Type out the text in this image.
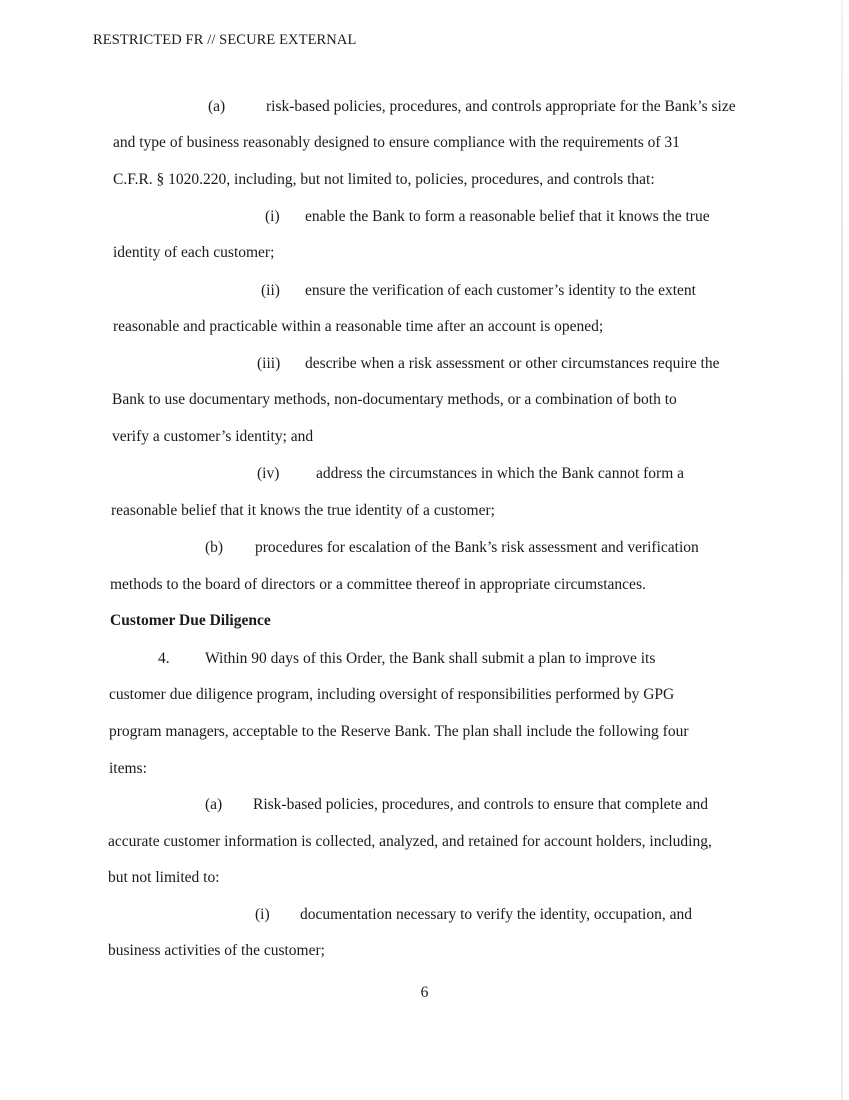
RESTRICTED FR // SECURE EXTERNAL
(a)	risk-based policies, procedures, and controls appropriate for the Bank’s size
and type of business reasonably designed to ensure compliance with the requirements of 31
C.F.R. § 1020.220, including, but not limited to, policies, procedures, and controls that:
(i) enable the Bank to form a reasonable belief that it knows the true
identity of each customer;
(ii) ensure the verification of each customer’s identity to the extent
reasonable and practicable within a reasonable time after an account is opened;
(iii) describe when a risk assessment or other circumstances require the
Bank to use documentary methods, non-documentary methods, or a combination of both to
verify a customer’s identity; and
(iv) address the circumstances in which the Bank cannot form a
reasonable belief that it knows the true identity of a customer;
(b) procedures for escalation of the Bank’s risk assessment and verification
methods to the board of directors or a committee thereof in appropriate circumstances.
Customer Due Diligence
4. Within 90 days of this Order, the Bank shall submit a plan to improve its
customer due diligence program, including oversight of responsibilities performed by GPG
program managers, acceptable to the Reserve Bank. The plan shall include the following four
items:
(a) Risk-based policies, procedures, and controls to ensure that complete and
accurate customer information is collected, analyzed, and retained for account holders, including,
but not limited to:
(i) documentation necessary to verify the identity, occupation, and
business activities of the customer;
6
